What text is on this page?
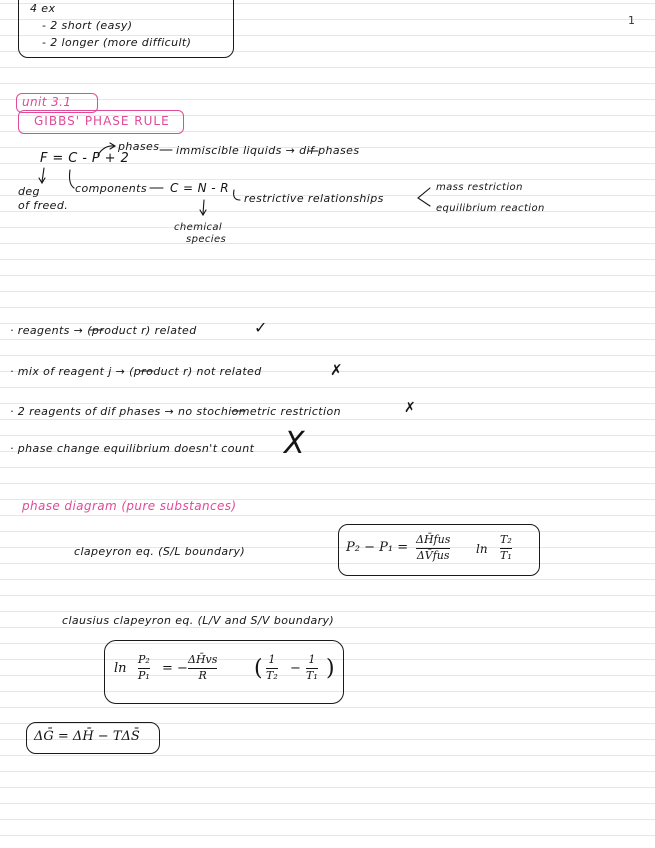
1
4 ex
- 2 short (easy)
- 2 longer (more difficult)
unit 3.1
GIBBS' PHASE RULE
F = C - P + 2
phases immiscible liquids → dif phases
deg
of freed.
components C = N - R
chemical
species
restrictive relationships
mass restriction
equilibrium reaction
· reagents → (product r) related	✓
· mix of reagent j → (product r) not related	✗
· 2 reagents of dif phases → no stochiometric restriction	✗
· phase change equilibrium doesn't count X
phase diagram (pure substances)
clapeyron eq. (S/L boundary)	P₂ − P₁ =
ΔH̄fus
ΔV̄fus ln
T₂
T₁
clausius clapeyron eq. (L/V and S/V boundary)
ln
P₂
P₁ = −
ΔH̄vs
R ( 1
T₂ −
1
T₁ )
ΔḠ = ΔH̄ − TΔS̄
